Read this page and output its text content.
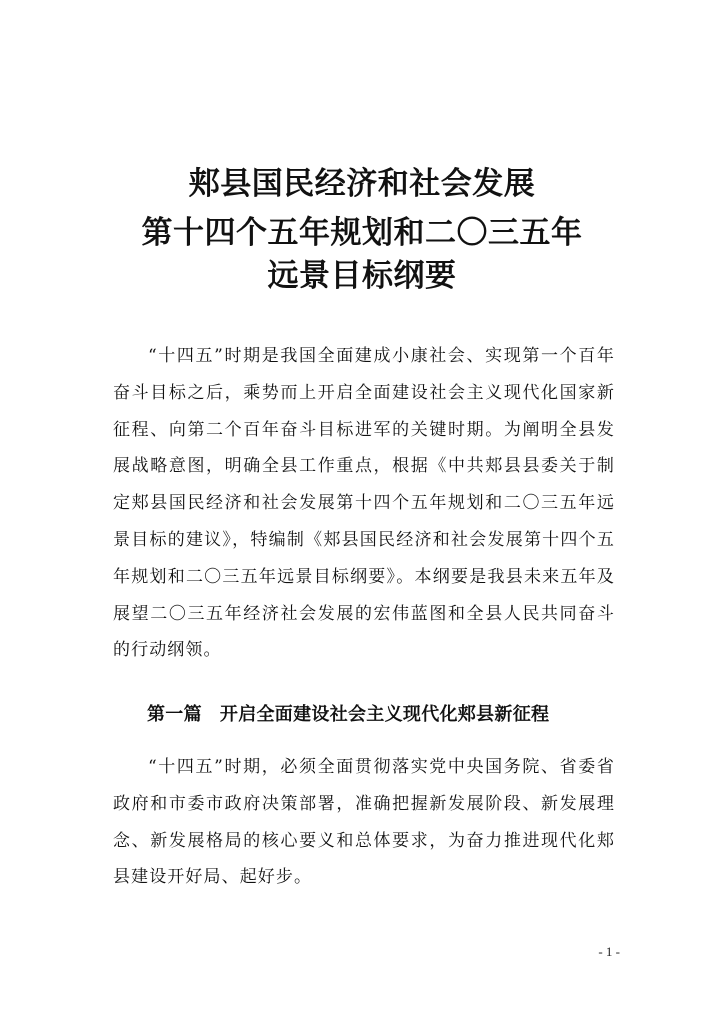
郏县国民经济和社会发展
第十四个五年规划和二〇三五年
远景目标纲要

“十四五”时期是我国全面建成小康社会、实现第一个百年奋斗目标之后，乘势而上开启全面建设社会主义现代化国家新征程、向第二个百年奋斗目标进军的关键时期。为阐明全县发展战略意图，明确全县工作重点，根据《中共郏县县委关于制定郏县国民经济和社会发展第十四个五年规划和二〇三五年远景目标的建议》，特编制《郏县国民经济和社会发展第十四个五年规划和二〇三五年远景目标纲要》。本纲要是我县未来五年及展望二〇三五年经济社会发展的宏伟蓝图和全县人民共同奋斗的行动纲领。

第一篇 开启全面建设社会主义现代化郏县新征程

“十四五”时期，必须全面贯彻落实党中央国务院、省委省政府和市委市政府决策部署，准确把握新发展阶段、新发展理念、新发展格局的核心要义和总体要求，为奋力推进现代化郏县建设开好局、起好步。

- 1 -
